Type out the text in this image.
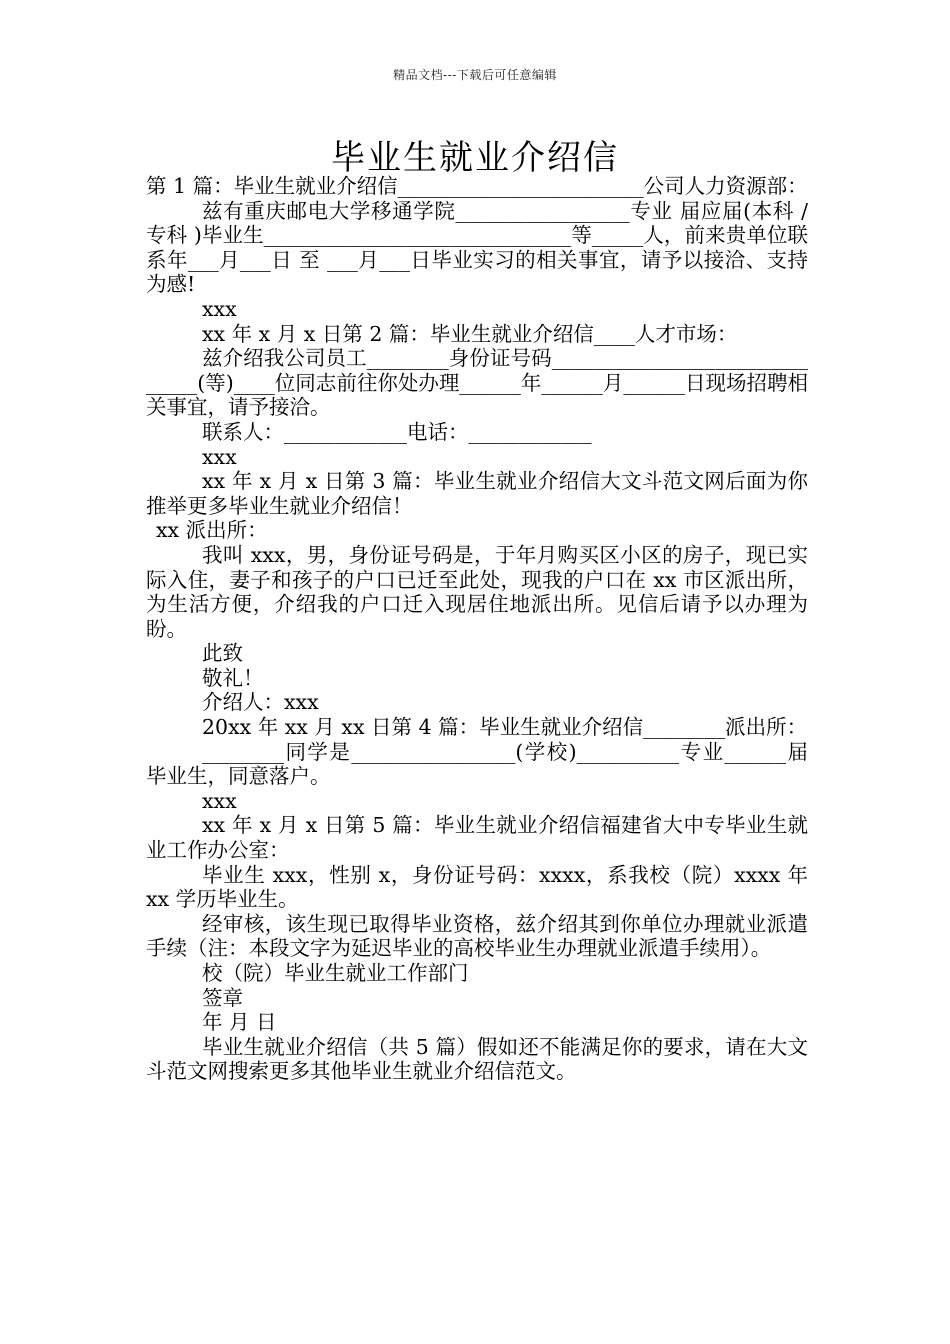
精品文档---下载后可任意编辑
毕业生就业介绍信

第 1 篇：毕业生就业介绍信________________________公司人力资源部：

兹有重庆邮电大学移通学院_________________专业 届应届(本科 / 专科 )毕业生______________________________等_____人，前来贵单位联系年___月___日 至 ___月___日毕业实习的相关事宜，请予以接洽、支持为感!

xxx

xx 年 x 月 x 日第 2 篇：毕业生就业介绍信____人才市场：

兹介绍我公司员工________身份证号码______________________________(等)____位同志前往你处办理______年______月______日现场招聘相关事宜，请予接洽。

联系人：____________电话：____________

xxx

xx 年 x 月 x 日第 3 篇：毕业生就业介绍信大文斗范文网后面为你推举更多毕业生就业介绍信！

xx 派出所：

我叫 xxx，男，身份证号码是，于年月购买区小区的房子，现已实际入住，妻子和孩子的户口已迁至此处，现我的户口在 xx 市区派出所，为生活方便，介绍我的户口迁入现居住地派出所。见信后请予以办理为盼。

此致

敬礼！

介绍人：xxx

20xx 年 xx 月 xx 日第 4 篇：毕业生就业介绍信________派出所：

________同学是________________(学校)__________专业______届毕业生，同意落户。

xxx

xx 年 x 月 x 日第 5 篇：毕业生就业介绍信福建省大中专毕业生就业工作办公室：

毕业生 xxx，性别 x，身份证号码：xxxx，系我校（院）xxxx 年 xx 学历毕业生。

经审核，该生现已取得毕业资格，兹介绍其到你单位办理就业派遣手续（注：本段文字为延迟毕业的高校毕业生办理就业派遣手续用）。

校（院）毕业生就业工作部门

签章

年 月 日

毕业生就业介绍信（共 5 篇）假如还不能满足你的要求，请在大文斗范文网搜索更多其他毕业生就业介绍信范文。
